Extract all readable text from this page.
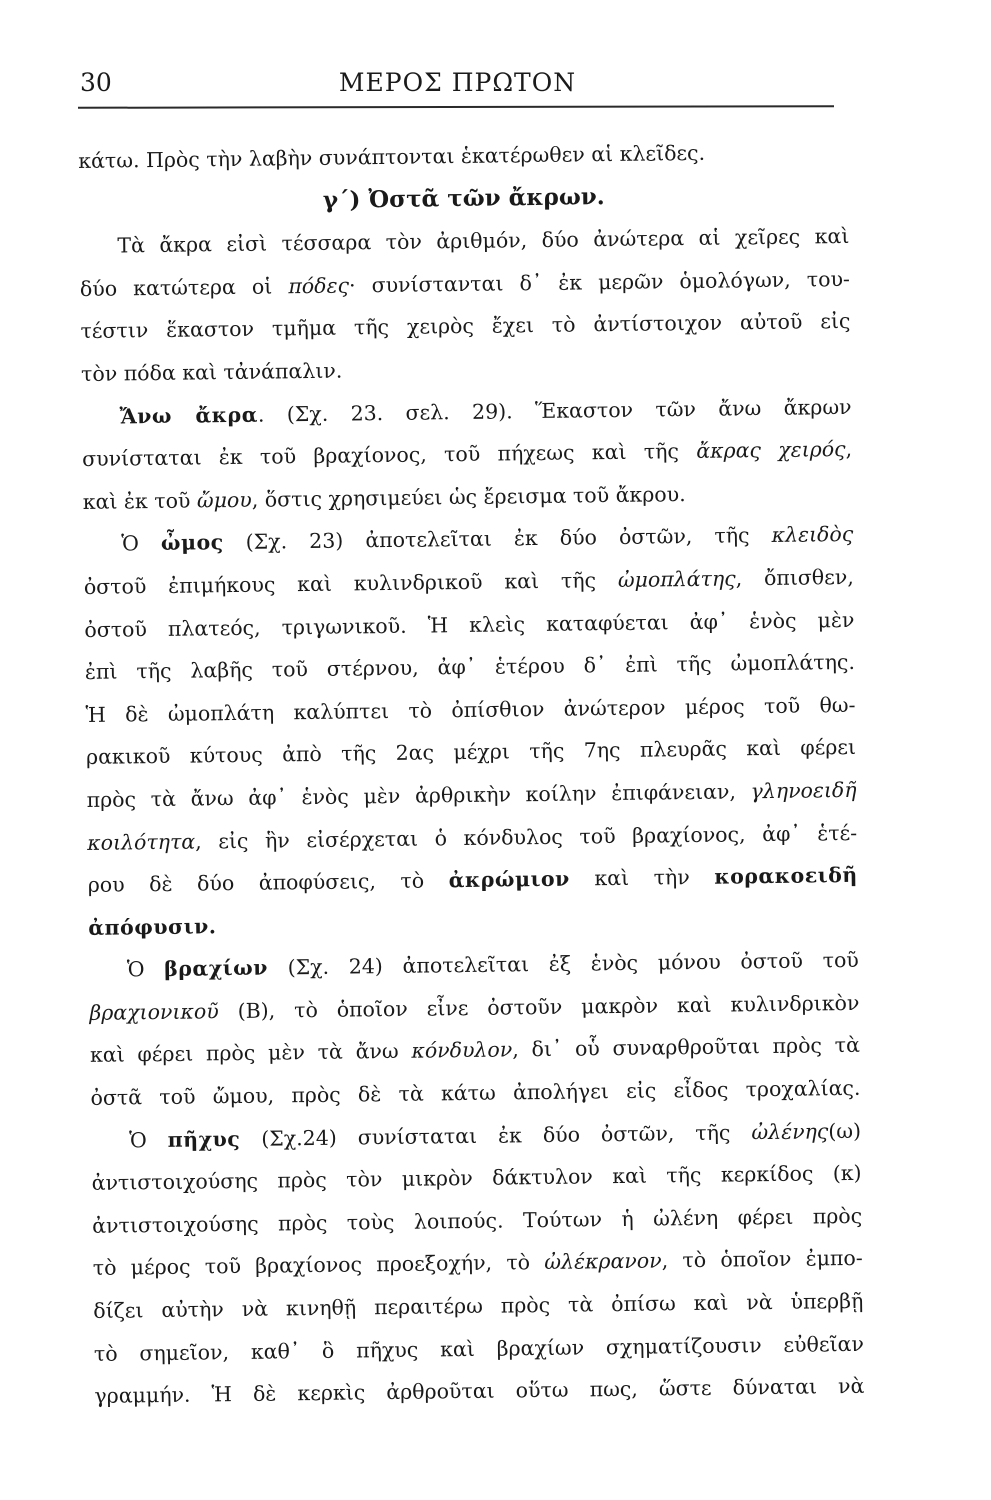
30	ΜΕΡΟΣ ΠΡΩΤΟΝ
κάτω. Πρὸς τὴν λαβὴν συνάπτονται ἑκατέρωθεν αἱ κλεῖδες.
γ΄) Ὀστᾶ τῶν ἄκρων.
Τὰ ἄκρα εἰσὶ τέσσαρα τὸν ἀριθμόν, δύο ἀνώτερα αἱ χεῖρες καὶ
δύο κατώτερα οἱ πόδες· συνίστανται δ᾽ ἐκ μερῶν ὁμολόγων, του-
τέστιν ἕκαστον τμῆμα τῆς χειρὸς ἔχει τὸ ἀντίστοιχον αὐτοῦ εἰς
τὸν πόδα καὶ τἀνάπαλιν.
Ἄνω ἄκρα. (Σχ. 23. σελ. 29). Ἕκαστον τῶν ἄνω ἄκρων
συνίσταται ἐκ τοῦ βραχίονος, τοῦ πήχεως καὶ τῆς ἄκρας χειρός,
καὶ ἐκ τοῦ ὤμου, ὅστις χρησιμεύει ὡς ἔρεισμα τοῦ ἄκρου.
Ὁ ὦμος (Σχ. 23) ἀποτελεῖται ἐκ δύο ὀστῶν, τῆς κλειδὸς
ὀστοῦ ἐπιμήκους καὶ κυλινδρικοῦ καὶ τῆς ὠμοπλάτης, ὄπισθεν,
ὀστοῦ πλατεός, τριγωνικοῦ. Ἡ κλεὶς καταφύεται ἀφ᾽ ἑνὸς μὲν
ἐπὶ τῆς λαβῆς τοῦ στέρνου, ἀφ᾽ ἑτέρου δ᾽ ἐπὶ τῆς ὠμοπλάτης.
Ἡ δὲ ὠμοπλάτη καλύπτει τὸ ὀπίσθιον ἀνώτερον μέρος τοῦ θω-
ρακικοῦ κύτους ἀπὸ τῆς 2ας μέχρι τῆς 7ης πλευρᾶς καὶ φέρει
πρὸς τὰ ἄνω ἀφ᾽ ἑνὸς μὲν ἀρθρικὴν κοίλην ἐπιφάνειαν, γληνοειδῆ
κοιλότητα, εἰς ἣν εἰσέρχεται ὁ κόνδυλος τοῦ βραχίονος, ἀφ᾽ ἑτέ-
ρου δὲ δύο ἀποφύσεις, τὸ ἀκρώμιον καὶ τὴν κορακοειδῆ
ἀπόφυσιν.
Ὁ βραχίων (Σχ. 24) ἀποτελεῖται ἐξ ἑνὸς μόνου ὀστοῦ τοῦ
βραχιονικοῦ (Β), τὸ ὁποῖον εἶνε ὀστοῦν μακρὸν καὶ κυλινδρικὸν
καὶ φέρει πρὸς μὲν τὰ ἄνω κόνδυλον, δι᾽ οὗ συναρθροῦται πρὸς τὰ
ὀστᾶ τοῦ ὤμου, πρὸς δὲ τὰ κάτω ἀπολήγει εἰς εἶδος τροχαλίας.
Ὁ πῆχυς (Σχ.24) συνίσταται ἐκ δύο ὀστῶν, τῆς ὠλένης(ω)
ἀντιστοιχούσης πρὸς τὸν μικρὸν δάκτυλον καὶ τῆς κερκίδος (κ)
ἀντιστοιχούσης πρὸς τοὺς λοιπούς. Τούτων ἡ ὠλένη φέρει πρὸς
τὸ μέρος τοῦ βραχίονος προεξοχήν, τὸ ὠλέκρανον, τὸ ὁποῖον ἐμπο-
δίζει αὐτὴν νὰ κινηθῇ περαιτέρω πρὸς τὰ ὀπίσω καὶ νὰ ὑπερβῇ
τὸ σημεῖον, καθ᾽ ὃ πῆχυς καὶ βραχίων σχηματίζουσιν εὐθεῖαν
γραμμήν. Ἡ δὲ κερκὶς ἀρθροῦται οὕτω πως, ὥστε δύναται νὰ
